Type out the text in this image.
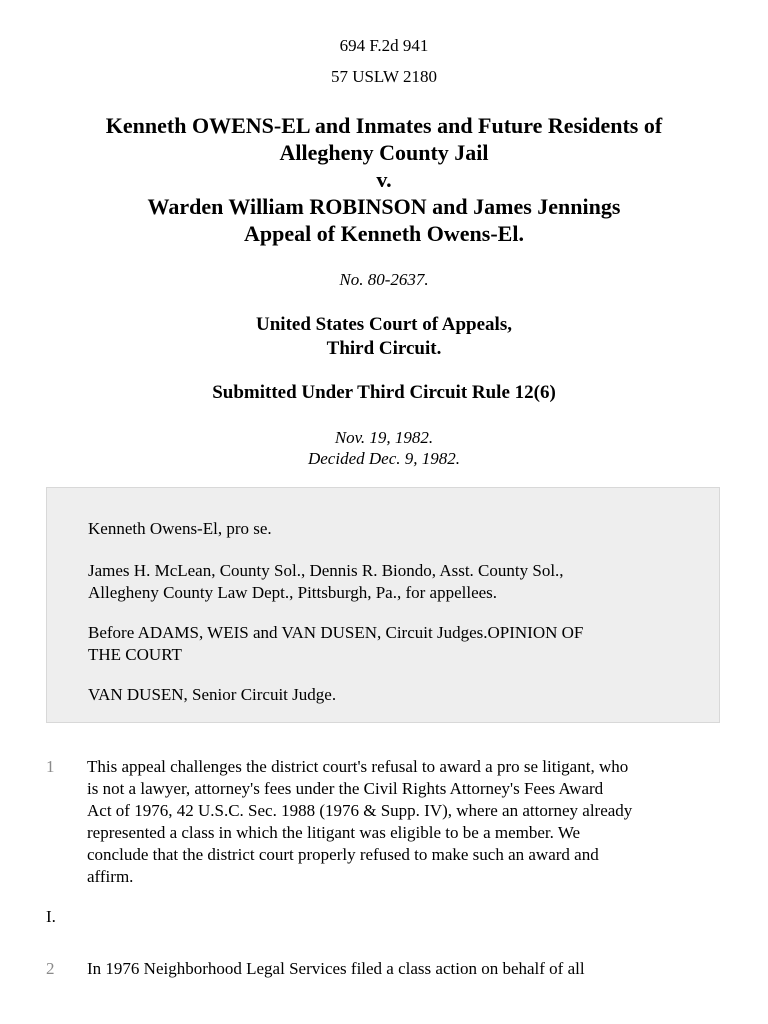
694 F.2d 941
57 USLW 2180
Kenneth OWENS-EL and Inmates and Future Residents of
Allegheny County Jail
v.
Warden William ROBINSON and James Jennings
Appeal of Kenneth Owens-El.
No. 80-2637.
United States Court of Appeals,
Third Circuit.
Submitted Under Third Circuit Rule 12(6)
Nov. 19, 1982.
Decided Dec. 9, 1982.

Kenneth Owens-El, pro se.

James H. McLean, County Sol., Dennis R. Biondo, Asst. County Sol.,
Allegheny County Law Dept., Pittsburgh, Pa., for appellees.

Before ADAMS, WEIS and VAN DUSEN, Circuit Judges.OPINION OF
THE COURT

VAN DUSEN, Senior Circuit Judge.

1 This appeal challenges the district court's refusal to award a pro se litigant, who
is not a lawyer, attorney's fees under the Civil Rights Attorney's Fees Award
Act of 1976, 42 U.S.C. Sec. 1988 (1976 & Supp. IV), where an attorney already
represented a class in which the litigant was eligible to be a member. We
conclude that the district court properly refused to make such an award and
affirm.
I.
2 In 1976 Neighborhood Legal Services filed a class action on behalf of all
